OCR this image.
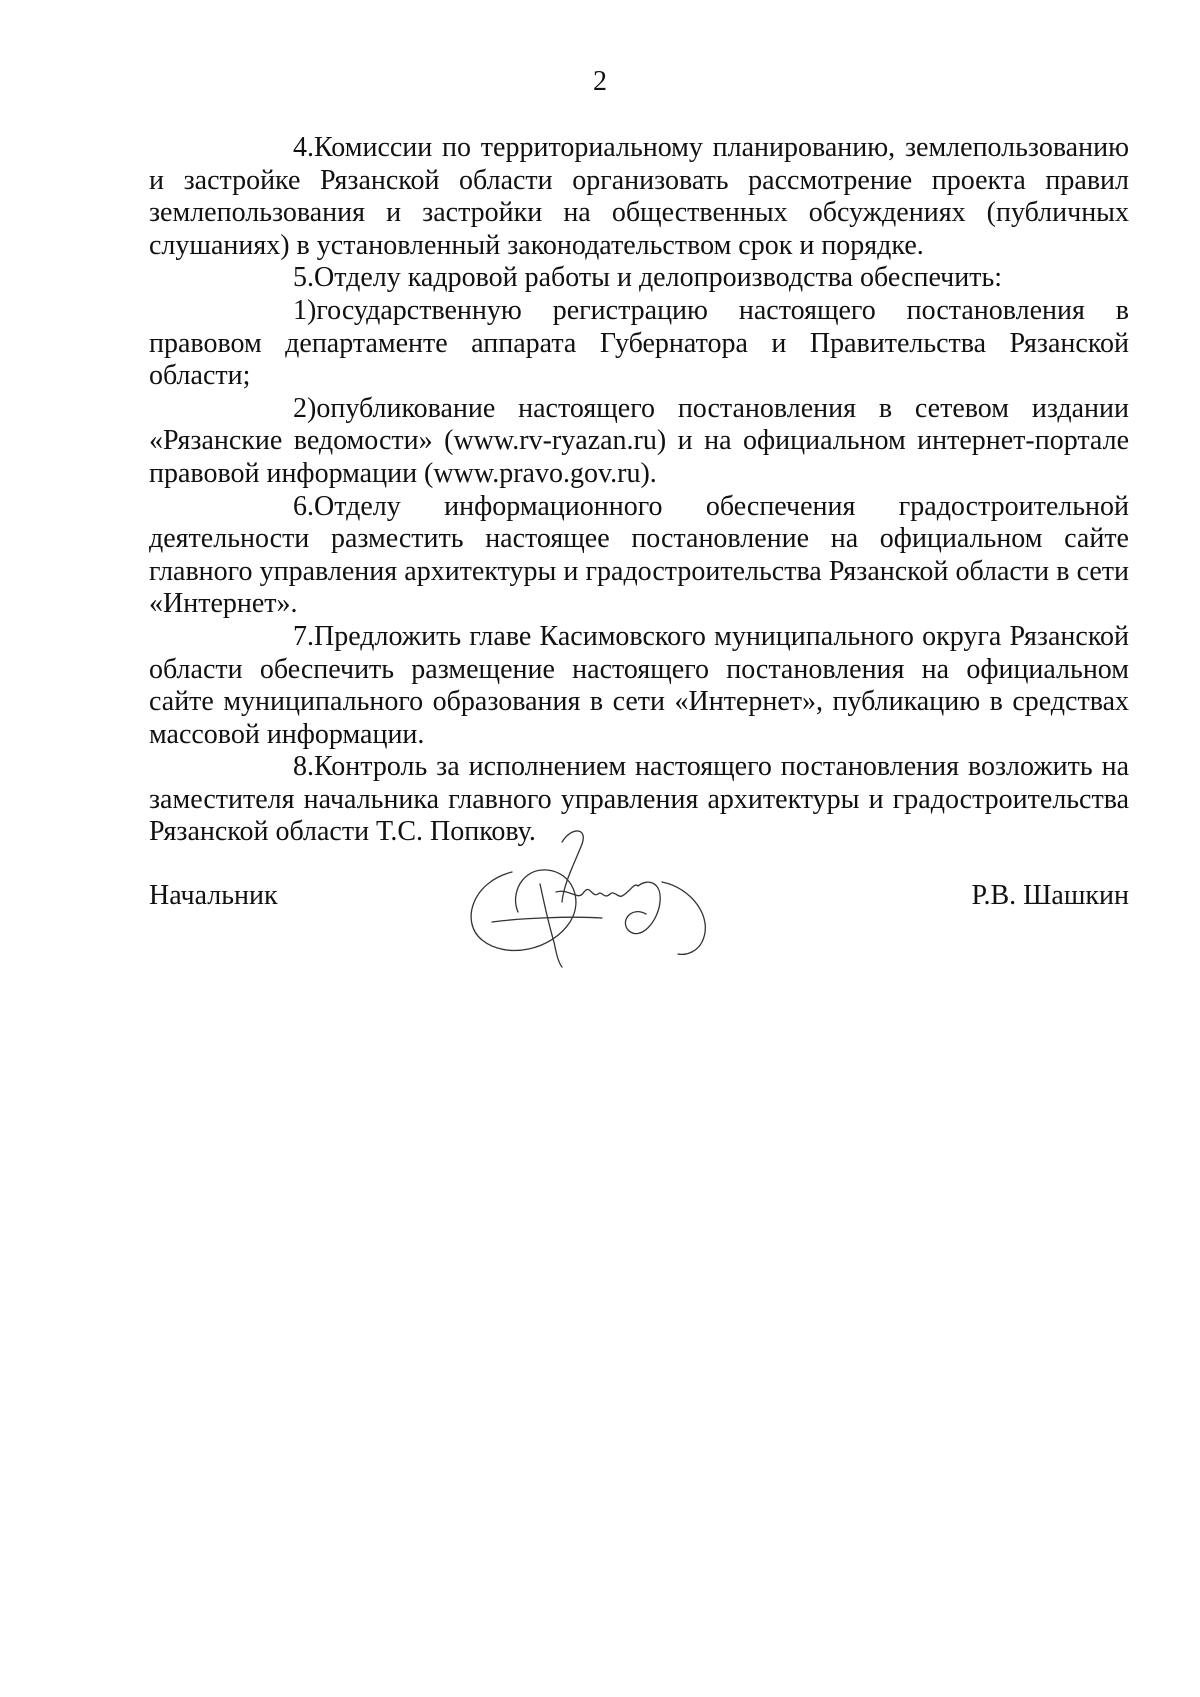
2

4.Комиссии по территориальному планированию, землепользованию и застройке Рязанской области организовать рассмотрение проекта правил землепользования и застройки на общественных обсуждениях (публичных слушаниях) в установленный законодательством срок и порядке.

5.Отделу кадровой работы и делопроизводства обеспечить:

1)государственную регистрацию настоящего постановления в правовом департаменте аппарата Губернатора и Правительства Рязанской области;

2)опубликование настоящего постановления в сетевом издании «Рязанские ведомости» (www.rv-ryazan.ru) и на официальном интернет-портале правовой информации (www.pravo.gov.ru).

6.Отделу информационного обеспечения градостроительной деятельности разместить настоящее постановление на официальном сайте главного управления архитектуры и градостроительства Рязанской области в сети «Интернет».

7.Предложить главе Касимовского муниципального округа Рязанской области обеспечить размещение настоящего постановления на официальном сайте муниципального образования в сети «Интернет», публикацию в средствах массовой информации.

8.Контроль за исполнением настоящего постановления возложить на заместителя начальника главного управления архитектуры и градостроительства Рязанской области Т.С. Попкову.

Начальник	Р.В. Шашкин
